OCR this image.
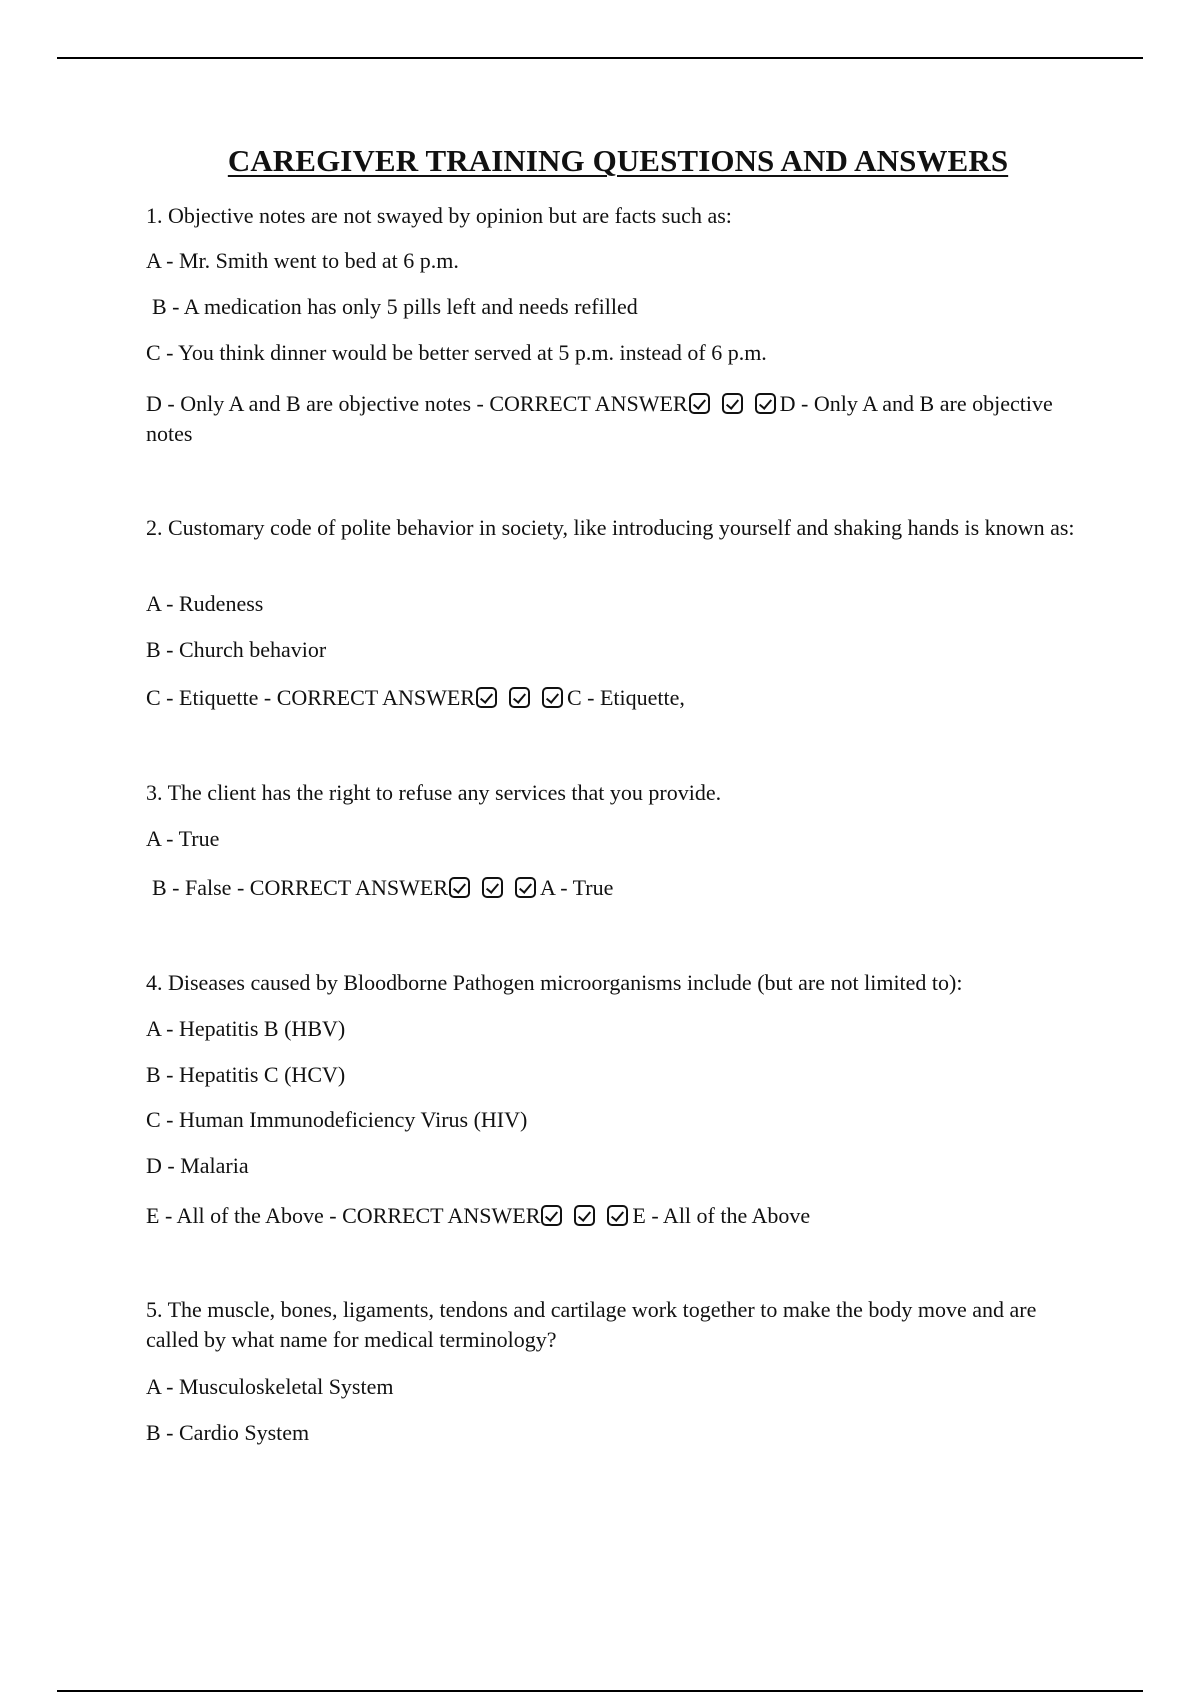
CAREGIVER TRAINING QUESTIONS AND ANSWERS
1. Objective notes are not swayed by opinion but are facts such as:
A - Mr. Smith went to bed at 6 p.m.
B - A medication has only 5 pills left and needs refilled
C - You think dinner would be better served at 5 p.m. instead of 6 p.m.
D - Only A and B are objective notes - CORRECT ANSWER	D - Only A and B are objective notes
2. Customary code of polite behavior in society, like introducing yourself and shaking hands is known as:
A - Rudeness
B - Church behavior
C - Etiquette - CORRECT ANSWER	C - Etiquette,
3. The client has the right to refuse any services that you provide.
A - True
B - False - CORRECT ANSWER	A - True
4. Diseases caused by Bloodborne Pathogen microorganisms include (but are not limited to):
A - Hepatitis B (HBV)
B - Hepatitis C (HCV)
C - Human Immunodeficiency Virus (HIV)
D - Malaria
E - All of the Above - CORRECT ANSWER	E - All of the Above
5. The muscle, bones, ligaments, tendons and cartilage work together to make the body move and are called by what name for medical terminology?
A - Musculoskeletal System
B - Cardio System
